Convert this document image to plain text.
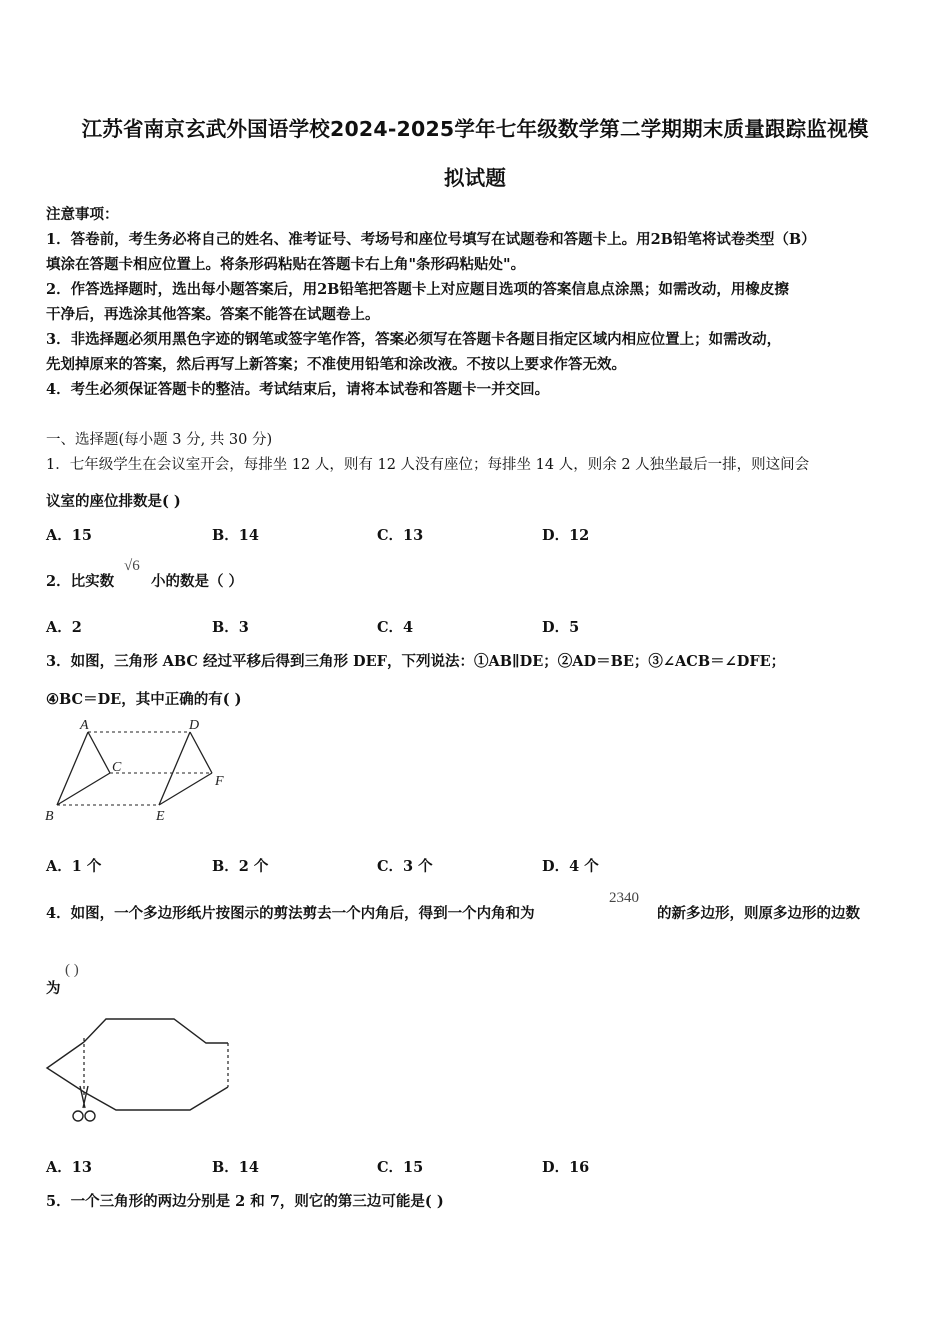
江苏省南京玄武外国语学校2024-2025学年七年级数学第二学期期末质量跟踪监视模
拟试题
注意事项：
1．答卷前，考生务必将自己的姓名、准考证号、考场号和座位号填写在试题卷和答题卡上。用2B铅笔将试卷类型（B）
填涂在答题卡相应位置上。将条形码粘贴在答题卡右上角"条形码粘贴处"。
2．作答选择题时，选出每小题答案后，用2B铅笔把答题卡上对应题目选项的答案信息点涂黑；如需改动，用橡皮擦
干净后，再选涂其他答案。答案不能答在试题卷上。
3．非选择题必须用黑色字迹的钢笔或签字笔作答，答案必须写在答题卡各题目指定区域内相应位置上；如需改动，
先划掉原来的答案，然后再写上新答案；不准使用铅笔和涂改液。不按以上要求作答无效。
4．考生必须保证答题卡的整洁。考试结束后，请将本试卷和答题卡一并交回。
一、选择题(每小题 3 分, 共 30 分)
1．七年级学生在会议室开会，每排坐 12 人，则有 12 人没有座位；每排坐 14 人，则余 2 人独坐最后一排，则这间会
议室的座位排数是( )
A．15	B．14	C．13	D．12
2．比实数
√6
小的数是（ ）
A．2	B．3	C．4	D．5
3．如图，三角形 ABC 经过平移后得到三角形 DEF，下列说法：①AB∥DE；②AD＝BE；③∠ACB＝∠DFE；
④BC＝DE，其中正确的有( )
A	D
C
F
B	E
A．1 个	B．2 个	C．3 个	D．4 个
4．如图，一个多边形纸片按图示的剪法剪去一个内角后，得到一个内角和为
2340
的新多边形，则原多边形的边数
为
( )
A．13	B．14	C．15	D．16
5．一个三角形的两边分别是 2 和 7，则它的第三边可能是( )
